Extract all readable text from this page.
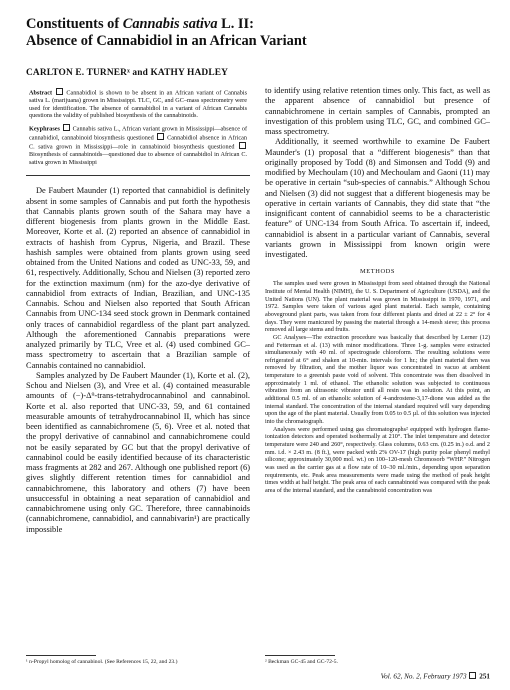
Constituents of Cannabis sativa L. II:
Absence of Cannabidiol in an African Variant
CARLTON E. TURNERˣ and KATHY HADLEY

Abstract Cannabidiol is shown to be absent in an African variant of Cannabis sativa L. (marijuana) grown in Mississippi. TLC, GC, and GC–mass spectrometry were used for identification. The absence of cannabidiol in a variant of African Cannabis questions the validity of published biosynthesis of the cannabinoids.

Keyphrases Cannabis sativa L., African variant grown in Mississippi—absence of cannabidiol, cannabinoid biosynthesis questioned Cannabidiol absence in African C. sativa grown in Mississippi—role in cannabinoid biosynthesis questioned  Biosynthesis of cannabinoids—questioned due to absence of cannabidiol in African C. sativa grown in Mississippi

De Faubert Maunder (1) reported that cannabidiol is definitely absent in some samples of Cannabis and put forth the hypothesis that Cannabis plants grown south of the Sahara may have a different biogenesis from plants grown in the Middle East. Moreover, Korte et al. (2) reported an absence of cannabidiol in extracts of hashish from Cyprus, Nigeria, and Brazil. These hashish samples were obtained from plants grown using seed obtained from the United Nations and coded as UNC-33, 59, and 61, respectively. Additionally, Schou and Nielsen (3) reported zero for the extinction maximum (nm) for the azo-dye derivative of cannabidiol from extracts of Indian, Brazilian, and UNC-135 Cannabis. Schou and Nielsen also reported that South African Cannabis from UNC-134 seed stock grown in Denmark contained only traces of cannabidiol regardless of the plant part analyzed. Although the aforementioned Cannabis preparations were analyzed primarily by TLC, Vree et al. (4) used combined GC–mass spectrometry to ascertain that a Brazilian sample of Cannabis contained no cannabidiol.

Samples analyzed by De Faubert Maunder (1), Korte et al. (2), Schou and Nielsen (3), and Vree et al. (4) contained measurable amounts of (−)-Δ⁹-trans-tetrahydrocannabinol and cannabinol. Korte et al. also reported that UNC-33, 59, and 61 contained measurable amounts of tetrahydrocannabinol II, which has since been identified as cannabichromene (5, 6). Vree et al. noted that the propyl derivative of cannabinol and cannabichromene could not be easily separated by GC but that the propyl derivative of cannabinol could be easily identified because of its characteristic mass fragments at 282 and 267. Although one published report (6) gives slightly different retention times for cannabidiol and cannabichromene, this laboratory and others (7) have been unsuccessful in obtaining a neat separation of cannabidiol and cannabichromene using only GC. Therefore, three cannabinoids (cannabichromene, cannabidiol, and cannabivarin¹) are practically impossible

to identify using relative retention times only. This fact, as well as the apparent absence of cannabidiol but presence of cannabichromene in certain samples of Cannabis, prompted an investigation of this problem using TLC, GC, and combined GC–mass spectrometry.

Additionally, it seemed worthwhile to examine De Faubert Maunder's (1) proposal that a “different biogenesis” than that originally proposed by Todd (8) and Simonsen and Todd (9) and modified by Mechoulam (10) and Mechoulam and Gaoni (11) may be operative in certain “sub-species of cannabis.” Although Schou and Nielsen (3) did not suggest that a different biogenesis may be operative in certain variants of Cannabis, they did state that “the insignificant content of cannabidiol seems to be a characteristic feature” of UNC-134 from South Africa. To ascertain if, indeed, cannabidiol is absent in a particular variant of Cannabis, several variants grown in Mississippi from known origin were investigated.

METHODS

The samples used were grown in Mississippi from seed obtained through the National Institute of Mental Health (NIMH), the U. S. Department of Agriculture (USDA), and the United Nations (UN). The plant material was grown in Mississippi in 1970, 1971, and 1972. Samples were taken of various aged plant material. Each sample, containing aboveground plant parts, was taken from four different plants and dried at 22 ± 2° for 4 days. They were manicured by passing the material through a 14-mesh sieve; this process removed all large stems and fruits.

GC Analyses—The extraction procedure was basically that described by Lerner (12) and Fetterman et al. (13) with minor modifications. Three 1-g. samples were extracted simultaneously with 40 ml. of spectrograde chloroform. The resulting solutions were refrigerated at 6° and shaken at 10-min. intervals for 1 hr.; the plant material then was removed by filtration, and the mother liquor was concentrated in vacuo at ambient temperature to a greenish paste void of solvent. This concentrate was then dissolved in approximately 1 ml. of ethanol. The ethanolic solution was subjected to continuous vibration from an ultrasonic vibrator until all resin was in solution. At this point, an additional 0.5 ml. of an ethanolic solution of 4-androstene-3,17-dione was added as the internal standard. The concentration of the internal standard required will vary depending upon the age of the plant material. Usually from 0.05 to 0.5 µl. of this solution was injected into the chromatograph.

Analyses were performed using gas chromatographs² equipped with hydrogen flame-ionization detectors and operated isothermally at 210°. The inlet temperature and detector temperature were 240 and 260°, respectively. Glass columns, 0.63 cm. (0.25 in.) o.d. and 2 mm. i.d. × 2.43 m. (8 ft.), were packed with 2% OV-17 (high purity polar phenyl methyl silicone; approximately 30,000 mol. wt.) on 100–120-mesh Chromosorb “WHP.” Nitrogen was used as the carrier gas at a flow rate of 10–30 ml./min., depending upon separation requirements, etc. Peak area measurements were made using the method of peak height times width at half height. The peak area of each cannabinoid was compared with the peak area of the internal standard, and the cannabinoid concentration was

¹ n-Propyl homolog of cannabinol. (See References 15, 22, and 23.)	² Beckman GC-45 and GC-72-5.
Vol. 62, No. 2, February 1973 251
